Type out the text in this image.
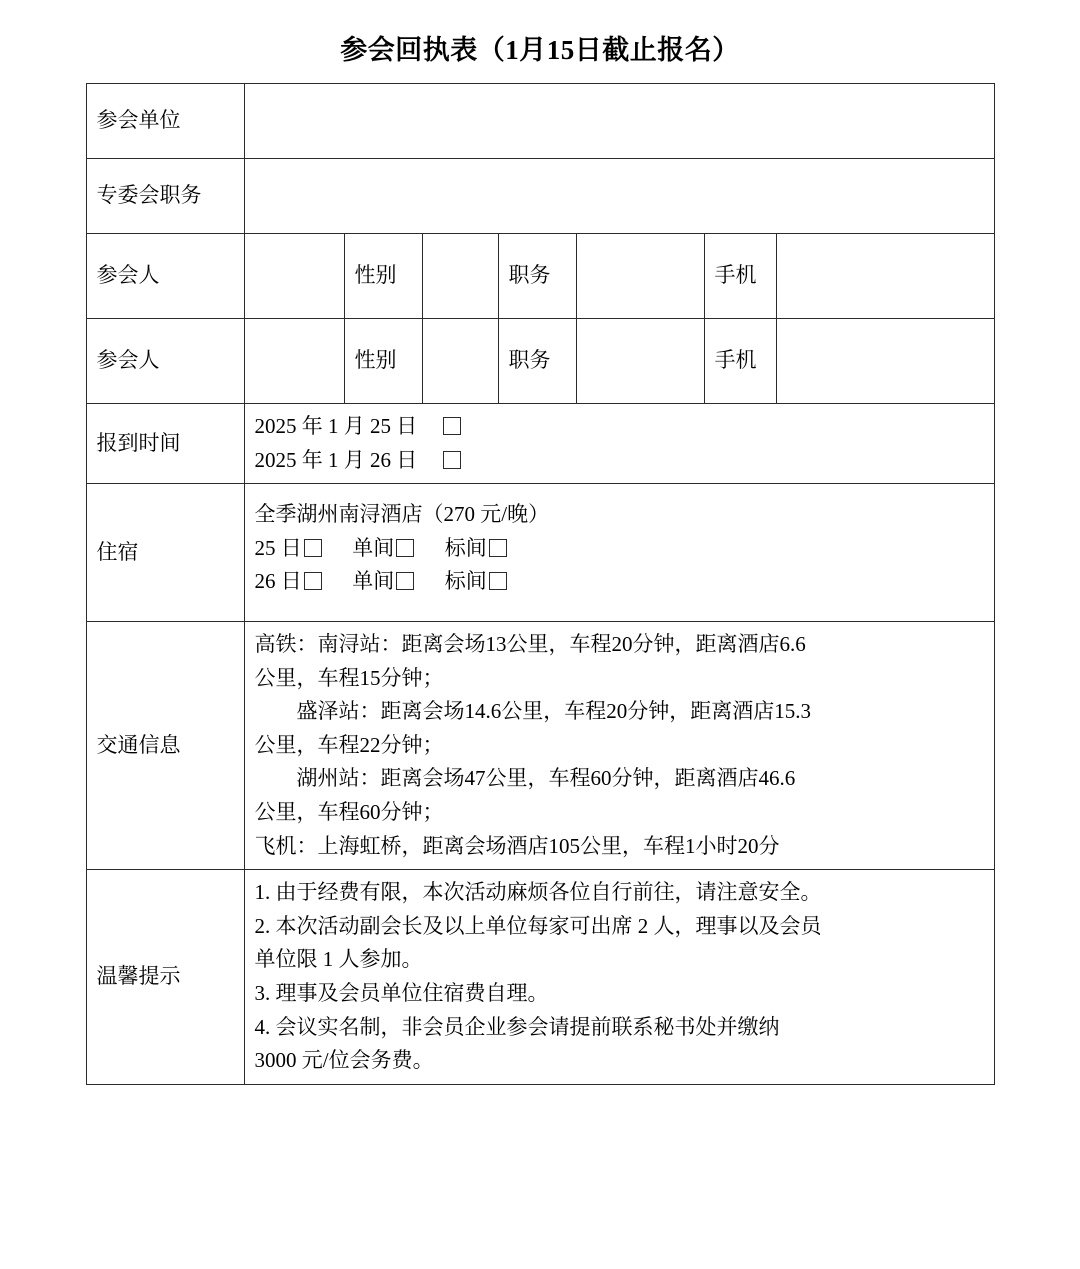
参会回执表（1月15日截止报名）
参会单位							
专委会职务							
参会人		性别		职务		手机	
参会人		性别		职务		手机	
报到时间	2025 年 1 月 25 日
2025 年 1 月 26 日						

住宿	全季湖州南浔酒店（270 元/晚）
25 日 单间 标间
26 日 单间 标间						

交通信息	
高铁：南浔站：距离会场13公里，车程20分钟，距离酒店6.6
公里，车程15分钟；
盛泽站：距离会场14.6公里，车程20分钟，距离酒店15.3
公里，车程22分钟；
湖州站：距离会场47公里，车程60分钟，距离酒店46.6
公里，车程60分钟；
飞机：上海虹桥，距离会场酒店105公里，车程1小时20分

温馨提示	
1. 由于经费有限，本次活动麻烦各位自行前往，请注意安全。
2. 本次活动副会长及以上单位每家可出席 2 人，理事以及会员
单位限 1 人参加。
3. 理事及会员单位住宿费自理。
4. 会议实名制，非会员企业参会请提前联系秘书处并缴纳
3000 元/位会务费。
